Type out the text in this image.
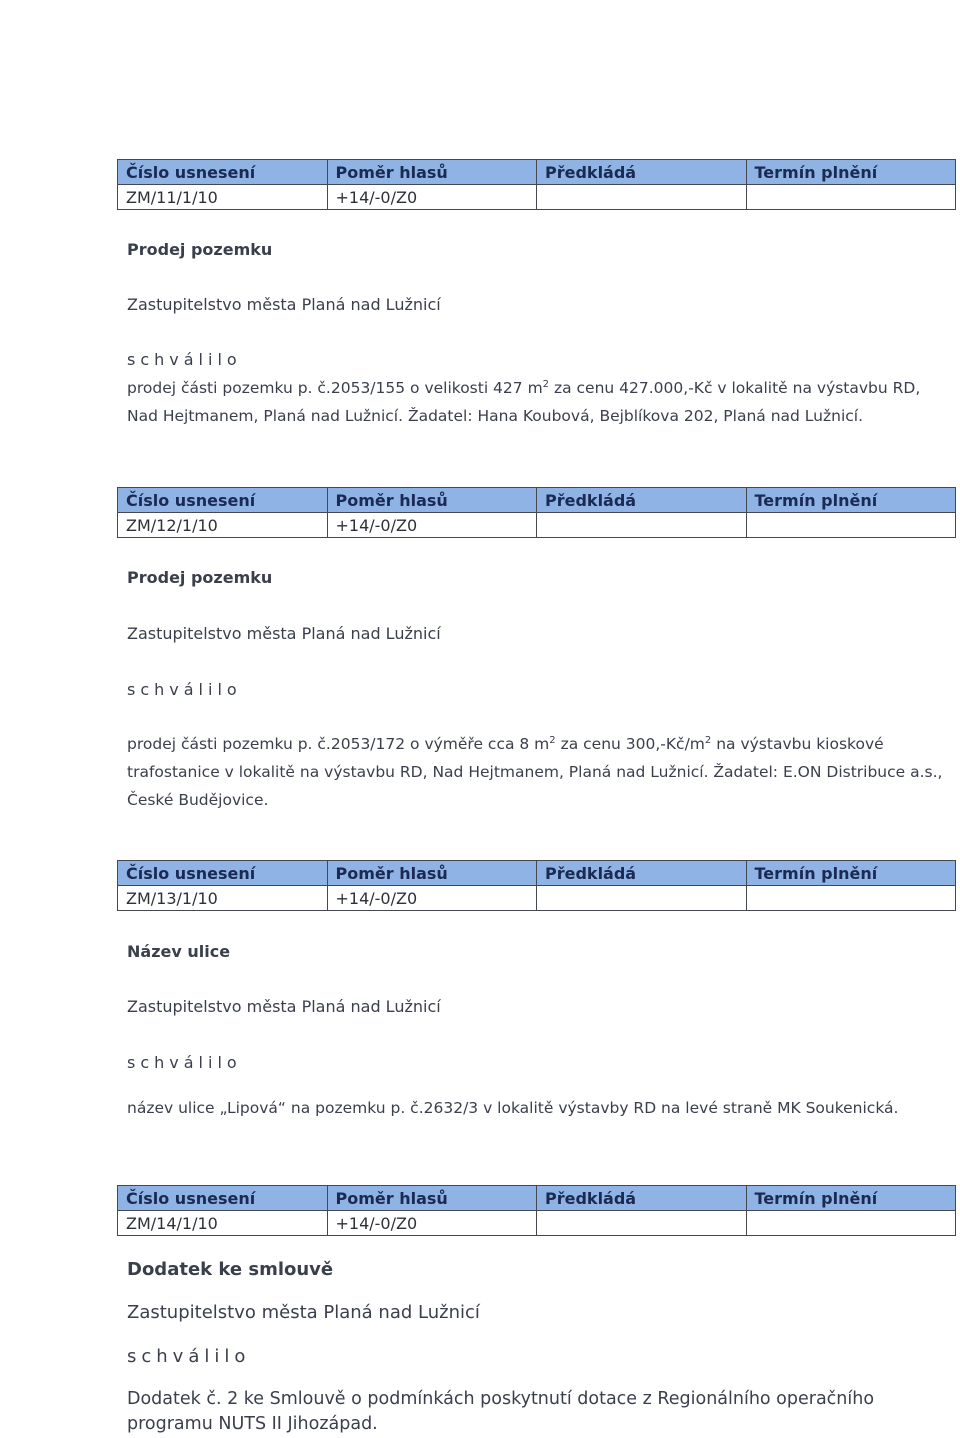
Číslo usnesení	Poměr hlasů	Předkládá	Termín plnění
ZM/11/1/10	+14/-0/Z0		
Prodej pozemku

Zastupitelstvo města Planá nad Lužnicí

schválilo

prodej části pozemku p. č.2053/155 o velikosti 427 $m^2$ za cenu 427.000,-Kč v lokalitě na výstavbu RD, Nad Hejtmanem, Planá nad Lužnicí. Žadatel: Hana Koubová, Bejblíkova 202, Planá nad Lužnicí.

Číslo usnesení	Poměr hlasů	Předkládá	Termín plnění
ZM/12/1/10	+14/-0/Z0		
Prodej pozemku

Zastupitelstvo města Planá nad Lužnicí

schválilo

prodej části pozemku p. č.2053/172 o výměře cca 8 $m^2$ za cenu $300,-Kč/m^2$ na výstavbu kioskové trafostanice v lokalitě na výstavbu RD, Nad Hejtmanem, Planá nad Lužnicí. Žadatel: E.ON Distribuce a.s., České Budějovice.

Číslo usnesení	Poměr hlasů	Předkládá	Termín plnění
ZM/13/1/10	+14/-0/Z0		
Název ulice

Zastupitelstvo města Planá nad Lužnicí

schválilo

název ulice „Lipová“ na pozemku p. č.2632/3 v lokalitě výstavby RD na levé straně MK Soukenická.

Číslo usnesení	Poměr hlasů	Předkládá	Termín plnění
ZM/14/1/10	+14/-0/Z0		
Dodatek ke smlouvě

Zastupitelstvo města Planá nad Lužnicí

schválilo

Dodatek č. 2 ke Smlouvě o podmínkách poskytnutí dotace z Regionálního operačního programu NUTS II Jihozápad.
